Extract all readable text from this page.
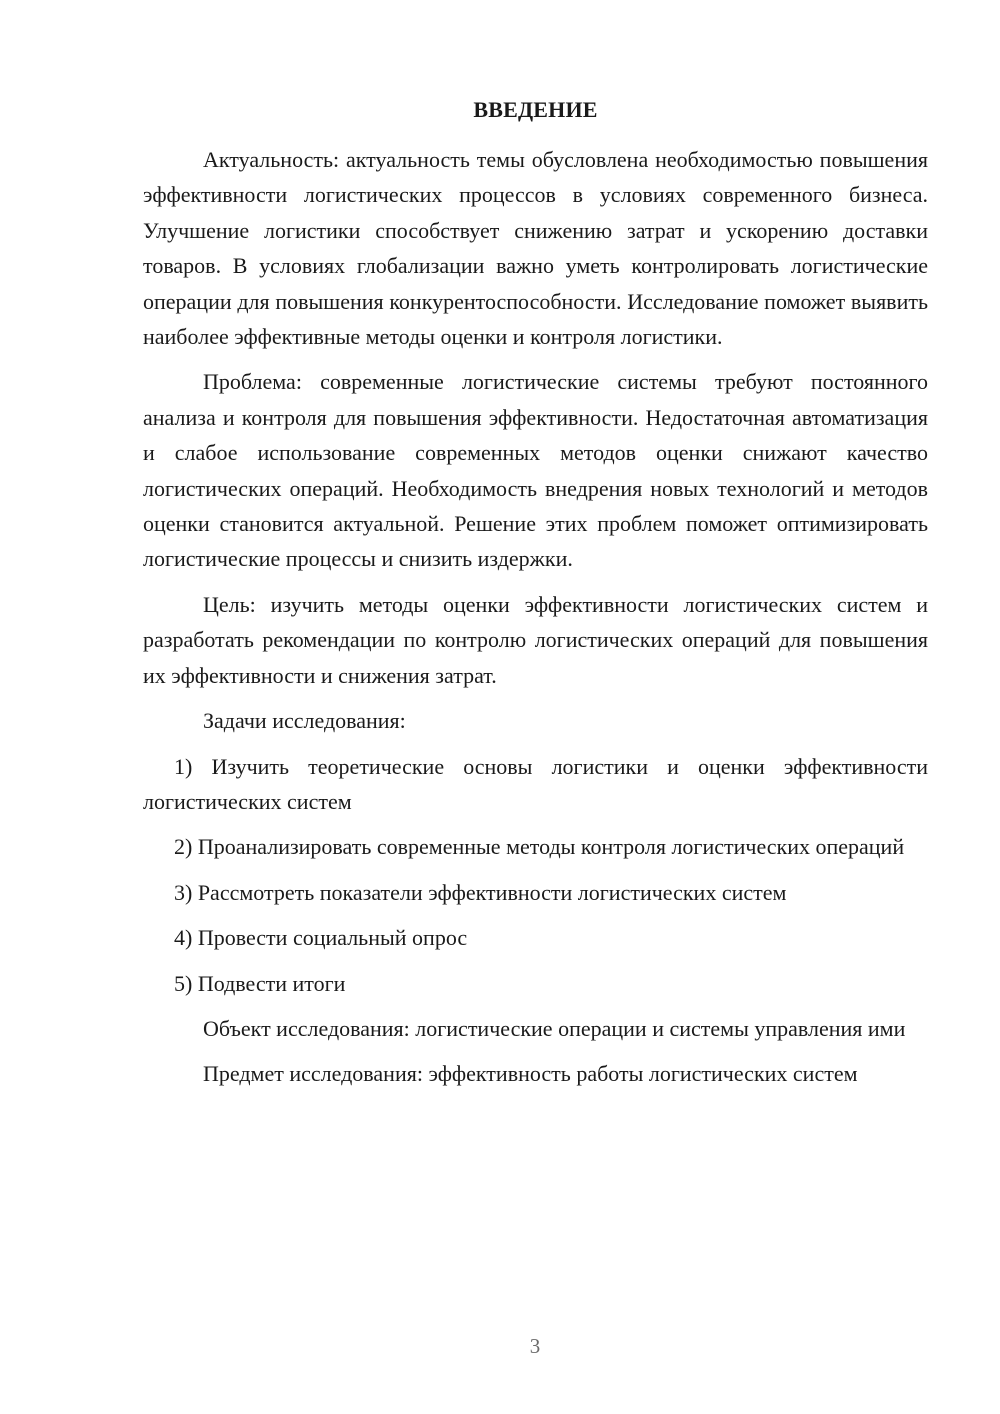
ВВЕДЕНИЕ

Актуальность: актуальность темы обусловлена необходимостью повышения эффективности логистических процессов в условиях современного бизнеса. Улучшение логистики способствует снижению затрат и ускорению доставки товаров. В условиях глобализации важно уметь контролировать логистические операции для повышения конкурентоспособности. Исследование поможет выявить наиболее эффективные методы оценки и контроля логистики.

Проблема: современные логистические системы требуют постоянного анализа и контроля для повышения эффективности. Недостаточная автоматизация и слабое использование современных методов оценки снижают качество логистических операций. Необходимость внедрения новых технологий и методов оценки становится актуальной. Решение этих проблем поможет оптимизировать логистические процессы и снизить издержки.

Цель: изучить методы оценки эффективности логистических систем и разработать рекомендации по контролю логистических операций для повышения их эффективности и снижения затрат.

Задачи исследования:

1) Изучить теоретические основы логистики и оценки эффективности логистических систем

2) Проанализировать современные методы контроля логистических операций

3) Рассмотреть показатели эффективности логистических систем

4) Провести социальный опрос

5) Подвести итоги

Объект исследования: логистические операции и системы управления ими

Предмет исследования: эффективность работы логистических систем

3
